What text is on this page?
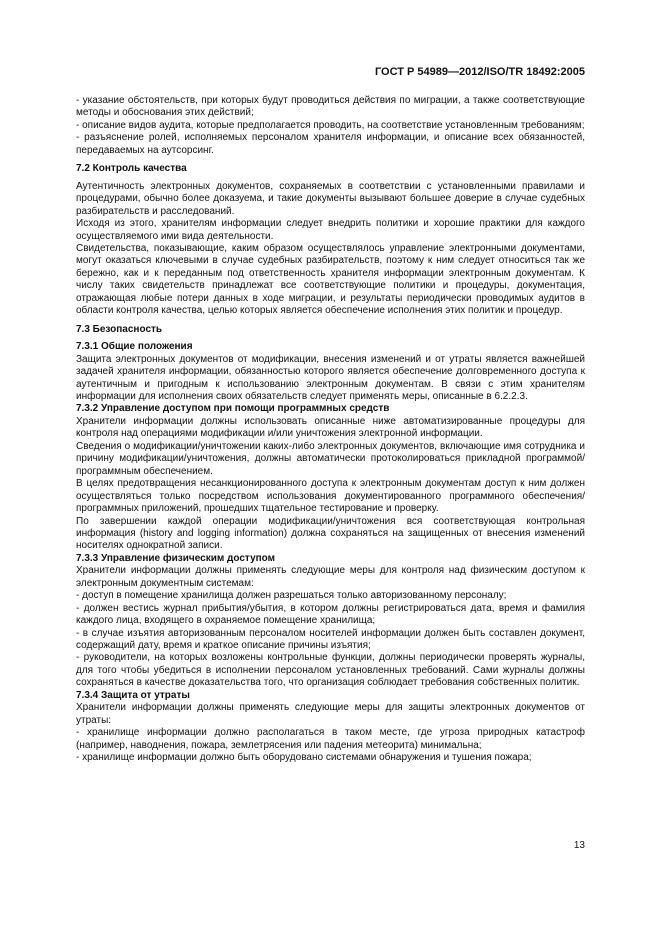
ГОСТ Р 54989—2012/ISO/TR 18492:2005

- указание обстоятельств, при которых будут проводиться действия по миграции, а также соответствующие методы и обоснования этих действий;

- описание видов аудита, которые предполагается проводить, на соответствие установленным требованиям;

- разъяснение ролей, исполняемых персоналом хранителя информации, и описание всех обязанностей, передаваемых на аутсорсинг.

7.2 Контроль качества

Аутентичность электронных документов, сохраняемых в соответствии с установленными правилами и процедурами, обычно более доказуема, и такие документы вызывают большее доверие в случае судебных разбирательств и расследований.

Исходя из этого, хранителям информации следует внедрить политики и хорошие практики для каждого осуществляемого ими вида деятельности.

Свидетельства, показывающие, каким образом осуществлялось управление электронными документами, могут оказаться ключевыми в случае судебных разбирательств, поэтому к ним следует относиться так же бережно, как и к переданным под ответственность хранителя информации электронным документам. К числу таких свидетельств принадлежат все соответствующие политики и процедуры, документация, отражающая любые потери данных в ходе миграции, и результаты периодически проводимых аудитов в области контроля качества, целью которых является обеспечение исполнения этих политик и процедур.

7.3 Безопасность

7.3.1 Общие положения

Защита электронных документов от модификации, внесения изменений и от утраты является важнейшей задачей хранителя информации, обязанностью которого является обеспечение долговременного доступа к аутентичным и пригодным к использованию электронным документам. В связи с этим хранителям информации для исполнения своих обязательств следует применять меры, описанные в 6.2.2.3.

7.3.2 Управление доступом при помощи программных средств

Хранители информации должны использовать описанные ниже автоматизированные процедуры для контроля над операциями модификации и/или уничтожения электронной информации.

Сведения о модификации/уничтожении каких-либо электронных документов, включающие имя сотрудника и причину модификации/уничтожения, должны автоматически протоколироваться прикладной программой/программным обеспечением.

В целях предотвращения несанкционированного доступа к электронным документам доступ к ним должен осуществляться только посредством использования документированного программного обеспечения/программных приложений, прошедших тщательное тестирование и проверку.

По завершении каждой операции модификации/уничтожения вся соответствующая контрольная информация (history and logging information) должна сохраняться на защищенных от внесения изменений носителях однократной записи.

7.3.3 Управление физическим доступом

Хранители информации должны применять следующие меры для контроля над физическим доступом к электронным документным системам:

- доступ в помещение хранилища должен разрешаться только авторизованному персоналу;

- должен вестись журнал прибытия/убытия, в котором должны регистрироваться дата, время и фамилия каждого лица, входящего в охраняемое помещение хранилища;

- в случае изъятия авторизованным персоналом носителей информации должен быть составлен документ, содержащий дату, время и краткое описание причины изъятия;

- руководители, на которых возложены контрольные функции, должны периодически проверять журналы, для того чтобы убедиться в исполнении персоналом установленных требований. Сами журналы должны сохраняться в качестве доказательства того, что организация соблюдает требования собственных политик.

7.3.4 Защита от утраты

Хранители информации должны применять следующие меры для защиты электронных документов от утраты:

- хранилище информации должно располагаться в таком месте, где угроза природных катастроф (например, наводнения, пожара, землетрясения или падения метеорита) минимальна;

- хранилище информации должно быть оборудовано системами обнаружения и тушения пожара;

13
